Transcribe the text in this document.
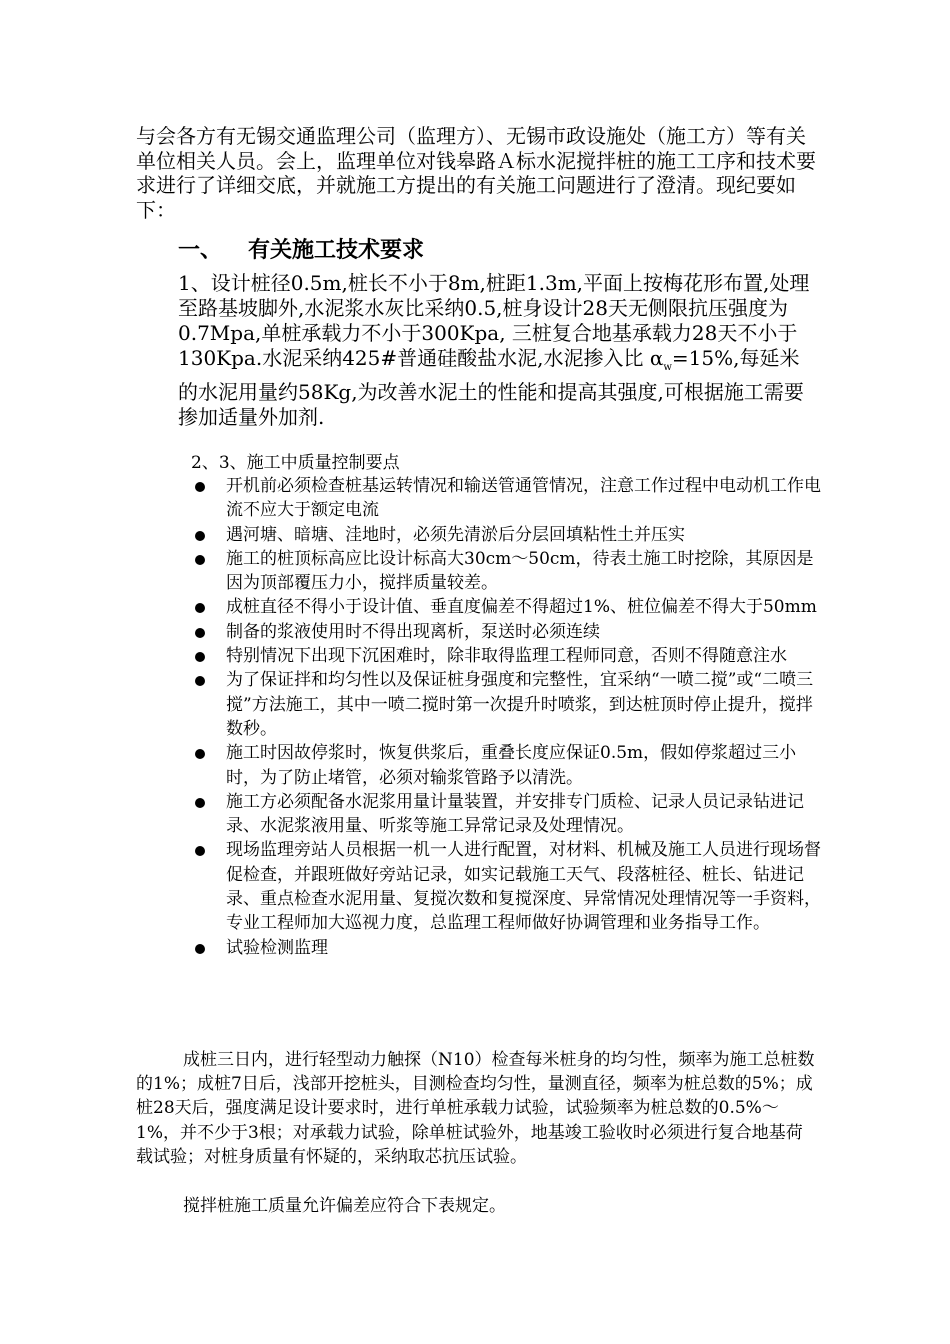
与会各方有无锡交通监理公司（监理方）、无锡市政设施处（施工方）等有关单位相关人员。会上，监理单位对钱皋路Ａ标水泥搅拌桩的施工工序和技术要求进行了详细交底，并就施工方提出的有关施工问题进行了澄清。现纪要如下：

一、 有关施工技术要求

1、设计桩径0.5m,桩长不小于8m,桩距1.3m,平面上按梅花形布置,处理至路基坡脚外,水泥浆水灰比采纳0.5,桩身设计28天无侧限抗压强度为0.7Mpa,单桩承载力不小于300Kpa, 三桩复合地基承载力28天不小于130Kpa.水泥采纳425#普通硅酸盐水泥,水泥掺入比 $\alpha_w=15\%$,每延米的水泥用量约58Kg,为改善水泥土的性能和提高其强度,可根据施工需要掺加适量外加剂.

2、3、施工中质量控制要点

开机前必须检查桩基运转情况和输送管通管情况，注意工作过程中电动机工作电流不应大于额定电流
遇河塘、暗塘、洼地时，必须先清淤后分层回填粘性土并压实
施工的桩顶标高应比设计标高大30cm～50cm，待表土施工时挖除，其原因是因为顶部覆压力小，搅拌质量较差。
成桩直径不得小于设计值、垂直度偏差不得超过1%、桩位偏差不得大于50mm
制备的浆液使用时不得出现离析，泵送时必须连续
特别情况下出现下沉困难时，除非取得监理工程师同意，否则不得随意注水
为了保证拌和均匀性以及保证桩身强度和完整性，宜采纳“一喷二搅”或“二喷三搅”方法施工，其中一喷二搅时第一次提升时喷浆，到达桩顶时停止提升，搅拌数秒。
施工时因故停浆时，恢复供浆后，重叠长度应保证0.5m，假如停浆超过三小时，为了防止堵管，必须对输浆管路予以清洗。
施工方必须配备水泥浆用量计量装置，并安排专门质检、记录人员记录钻进记录、水泥浆液用量、听浆等施工异常记录及处理情况。
现场监理旁站人员根据一机一人进行配置，对材料、机械及施工人员进行现场督促检查，并跟班做好旁站记录，如实记载施工天气、段落桩径、桩长、钻进记录、重点检查水泥用量、复搅次数和复搅深度、异常情况处理情况等一手资料，专业工程师加大巡视力度，总监理工程师做好协调管理和业务指导工作。
试验检测监理

成桩三日内，进行轻型动力触探（N10）检查每米桩身的均匀性，频率为施工总桩数的1%；成桩7日后，浅部开挖桩头，目测检查均匀性，量测直径，频率为桩总数的5%；成桩28天后，强度满足设计要求时，进行单桩承载力试验，试验频率为桩总数的0.5%～1%，并不少于3根；对承载力试验，除单桩试验外，地基竣工验收时必须进行复合地基荷载试验；对桩身质量有怀疑的，采纳取芯抗压试验。

搅拌桩施工质量允许偏差应符合下表规定。
